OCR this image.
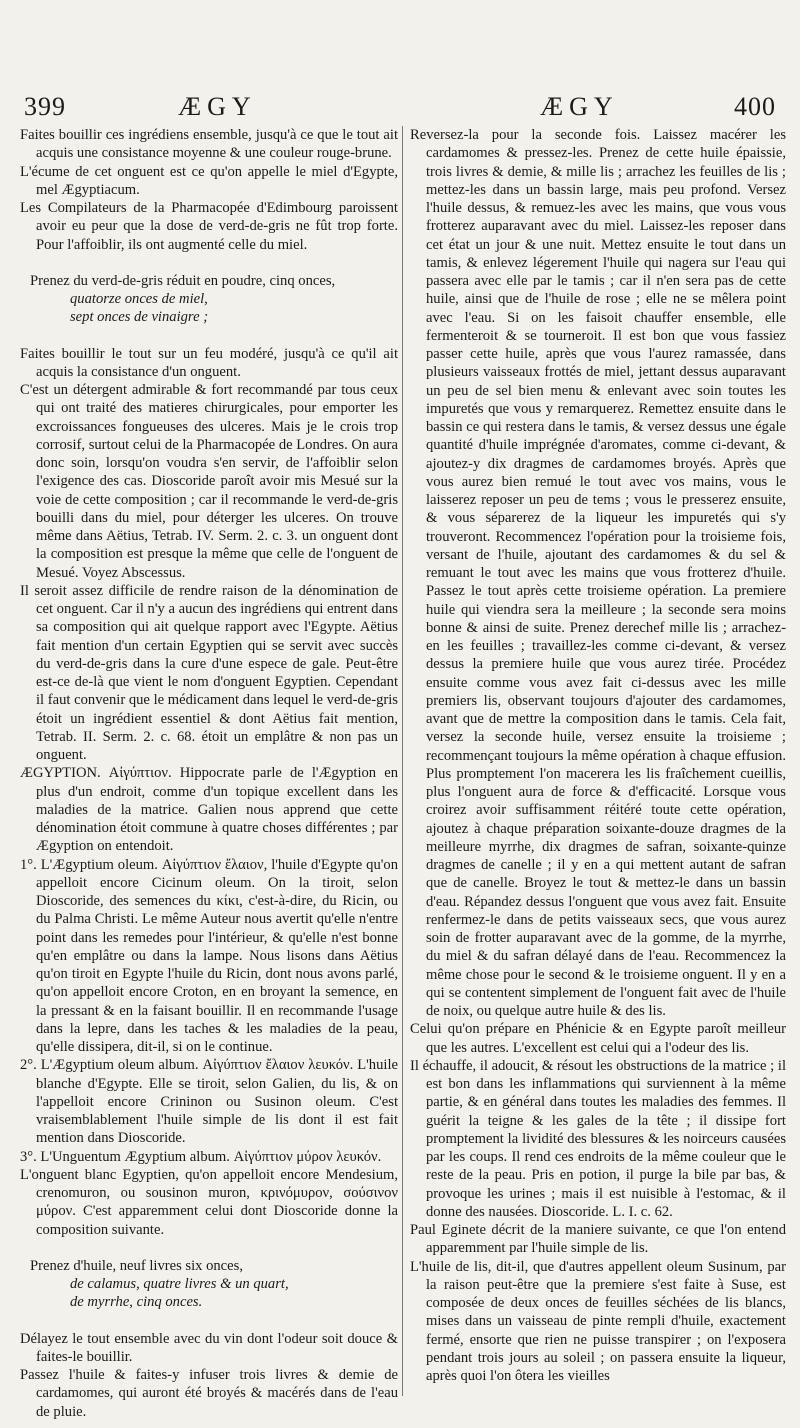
399	ÆGY	ÆGY	400

Faites bouillir ces ingrédiens ensemble, jusqu'à ce que le tout ait acquis une consistance moyenne & une couleur rouge-brune.

L'écume de cet onguent est ce qu'on appelle le miel d'Egypte, mel Ægyptiacum.

Les Compilateurs de la Pharmacopée d'Edimbourg paroissent avoir eu peur que la dose de verd-de-gris ne fût trop forte. Pour l'affoiblir, ils ont augmenté celle du miel.

Prenez du verd-de-gris réduit en poudre, cinq onces,

quatorze onces de miel,

sept onces de vinaigre ;

Faites bouillir le tout sur un feu modéré, jusqu'à ce qu'il ait acquis la consistance d'un onguent.

C'est un détergent admirable & fort recommandé par tous ceux qui ont traité des matieres chirurgicales, pour emporter les excroissances fongueuses des ulceres. Mais je le crois trop corrosif, surtout celui de la Pharmacopée de Londres. On aura donc soin, lorsqu'on voudra s'en servir, de l'affoiblir selon l'exigence des cas. Dioscoride paroît avoir mis Mesué sur la voie de cette composition ; car il recommande le verd-de-gris bouilli dans du miel, pour déterger les ulceres. On trouve même dans Aëtius, Tetrab. IV. Serm. 2. c. 3. un onguent dont la composition est presque la même que celle de l'onguent de Mesué. Voyez Abscessus.

Il seroit assez difficile de rendre raison de la dénomination de cet onguent. Car il n'y a aucun des ingrédiens qui entrent dans sa composition qui ait quelque rapport avec l'Egypte. Aëtius fait mention d'un certain Egyptien qui se servit avec succès du verd-de-gris dans la cure d'une espece de gale. Peut-être est-ce de-là que vient le nom d'onguent Egyptien. Cependant il faut convenir que le médicament dans lequel le verd-de-gris étoit un ingrédient essentiel & dont Aëtius fait mention, Tetrab. II. Serm. 2. c. 68. étoit un emplâtre & non pas un onguent.

ÆGYPTION. Αἰγύπτιον. Hippocrate parle de l'Ægyption en plus d'un endroit, comme d'un topique excellent dans les maladies de la matrice. Galien nous apprend que cette dénomination étoit commune à quatre choses différentes ; par Ægyption on entendoit.

1°. L'Ægyptium oleum. Αἰγύπτιον ἔλαιον, l'huile d'Egypte qu'on appelloit encore Cicinum oleum. On la tiroit, selon Dioscoride, des semences du κίκι, c'est-à-dire, du Ricin, ou du Palma Christi. Le même Auteur nous avertit qu'elle n'entre point dans les remedes pour l'intérieur, & qu'elle n'est bonne qu'en emplâtre ou dans la lampe. Nous lisons dans Aëtius qu'on tiroit en Egypte l'huile du Ricin, dont nous avons parlé, qu'on appelloit encore Croton, en en broyant la semence, en la pressant & en la faisant bouillir. Il en recommande l'usage dans la lepre, dans les taches & les maladies de la peau, qu'elle dissipera, dit-il, si on le continue.

2°. L'Ægyptium oleum album. Αἰγύπτιον ἔλαιον λευκόν. L'huile blanche d'Egypte. Elle se tiroit, selon Galien, du lis, & on l'appelloit encore Crininon ou Susinon oleum. C'est vraisemblablement l'huile simple de lis dont il est fait mention dans Dioscoride.

3°. L'Unguentum Ægyptium album. Αἰγύπτιον μύρον λευκόν.

L'onguent blanc Egyptien, qu'on appelloit encore Mendesium, crenomuron, ou sousinon muron, κρινόμυρον, σούσινον μύρον. C'est apparemment celui dont Dioscoride donne la composition suivante.

Prenez d'huile, neuf livres six onces,

de calamus, quatre livres & un quart,

de myrrhe, cinq onces.

Délayez le tout ensemble avec du vin dont l'odeur soit douce & faites-le bouillir.

Passez l'huile & faites-y infuser trois livres & demie de cardamomes, qui auront été broyés & macérés dans de l'eau de pluie.

Reversez-la pour la seconde fois. Laissez macérer les cardamomes & pressez-les. Prenez de cette huile épaissie, trois livres & demie, & mille lis ; arrachez les feuilles de lis ; mettez-les dans un bassin large, mais peu profond. Versez l'huile dessus, & remuez-les avec les mains, que vous vous frotterez auparavant avec du miel. Laissez-les reposer dans cet état un jour & une nuit. Mettez ensuite le tout dans un tamis, & enlevez légerement l'huile qui nagera sur l'eau qui passera avec elle par le tamis ; car il n'en sera pas de cette huile, ainsi que de l'huile de rose ; elle ne se mêlera point avec l'eau. Si on les faisoit chauffer ensemble, elle fermenteroit & se tourneroit. Il est bon que vous fassiez passer cette huile, après que vous l'aurez ramassée, dans plusieurs vaisseaux frottés de miel, jettant dessus auparavant un peu de sel bien menu & enlevant avec soin toutes les impuretés que vous y remarquerez. Remettez ensuite dans le bassin ce qui restera dans le tamis, & versez dessus une égale quantité d'huile imprégnée d'aromates, comme ci-devant, & ajoutez-y dix dragmes de cardamomes broyés. Après que vous aurez bien remué le tout avec vos mains, vous le laisserez reposer un peu de tems ; vous le presserez ensuite, & vous séparerez de la liqueur les impuretés qui s'y trouveront. Recommencez l'opération pour la troisieme fois, versant de l'huile, ajoutant des cardamomes & du sel & remuant le tout avec les mains que vous frotterez d'huile. Passez le tout après cette troisieme opération. La premiere huile qui viendra sera la meilleure ; la seconde sera moins bonne & ainsi de suite. Prenez derechef mille lis ; arrachez-en les feuilles ; travaillez-les comme ci-devant, & versez dessus la premiere huile que vous aurez tirée. Procédez ensuite comme vous avez fait ci-dessus avec les mille premiers lis, observant toujours d'ajouter des cardamomes, avant que de mettre la composition dans le tamis. Cela fait, versez la seconde huile, versez ensuite la troisieme ; recommençant toujours la même opération à chaque effusion. Plus promptement l'on macerera les lis fraîchement cueillis, plus l'onguent aura de force & d'efficacité. Lorsque vous croirez avoir suffisamment réitéré toute cette opération, ajoutez à chaque préparation soixante-douze dragmes de la meilleure myrrhe, dix dragmes de safran, soixante-quinze dragmes de canelle ; il y en a qui mettent autant de safran que de canelle. Broyez le tout & mettez-le dans un bassin d'eau. Répandez dessus l'onguent que vous avez fait. Ensuite renfermez-le dans de petits vaisseaux secs, que vous aurez soin de frotter auparavant avec de la gomme, de la myrrhe, du miel & du safran délayé dans de l'eau. Recommencez la même chose pour le second & le troisieme onguent. Il y en a qui se contentent simplement de l'onguent fait avec de l'huile de noix, ou quelque autre huile & des lis.

Celui qu'on prépare en Phénicie & en Egypte paroît meilleur que les autres. L'excellent est celui qui a l'odeur des lis.

Il échauffe, il adoucit, & résout les obstructions de la matrice ; il est bon dans les inflammations qui surviennent à la même partie, & en général dans toutes les maladies des femmes. Il guérit la teigne & les gales de la tête ; il dissipe fort promptement la lividité des blessures & les noirceurs causées par les coups. Il rend ces endroits de la même couleur que le reste de la peau. Pris en potion, il purge la bile par bas, & provoque les urines ; mais il est nuisible à l'estomac, & il donne des nausées. Dioscoride. L. I. c. 62.

Paul Eginete décrit de la maniere suivante, ce que l'on entend apparemment par l'huile simple de lis.

L'huile de lis, dit-il, que d'autres appellent oleum Susinum, par la raison peut-être que la premiere s'est faite à Suse, est composée de deux onces de feuilles séchées de lis blancs, mises dans un vaisseau de pinte rempli d'huile, exactement fermé, ensorte que rien ne puisse transpirer ; on l'exposera pendant trois jours au soleil ; on passera ensuite la liqueur, après quoi l'on ôtera les vieilles
